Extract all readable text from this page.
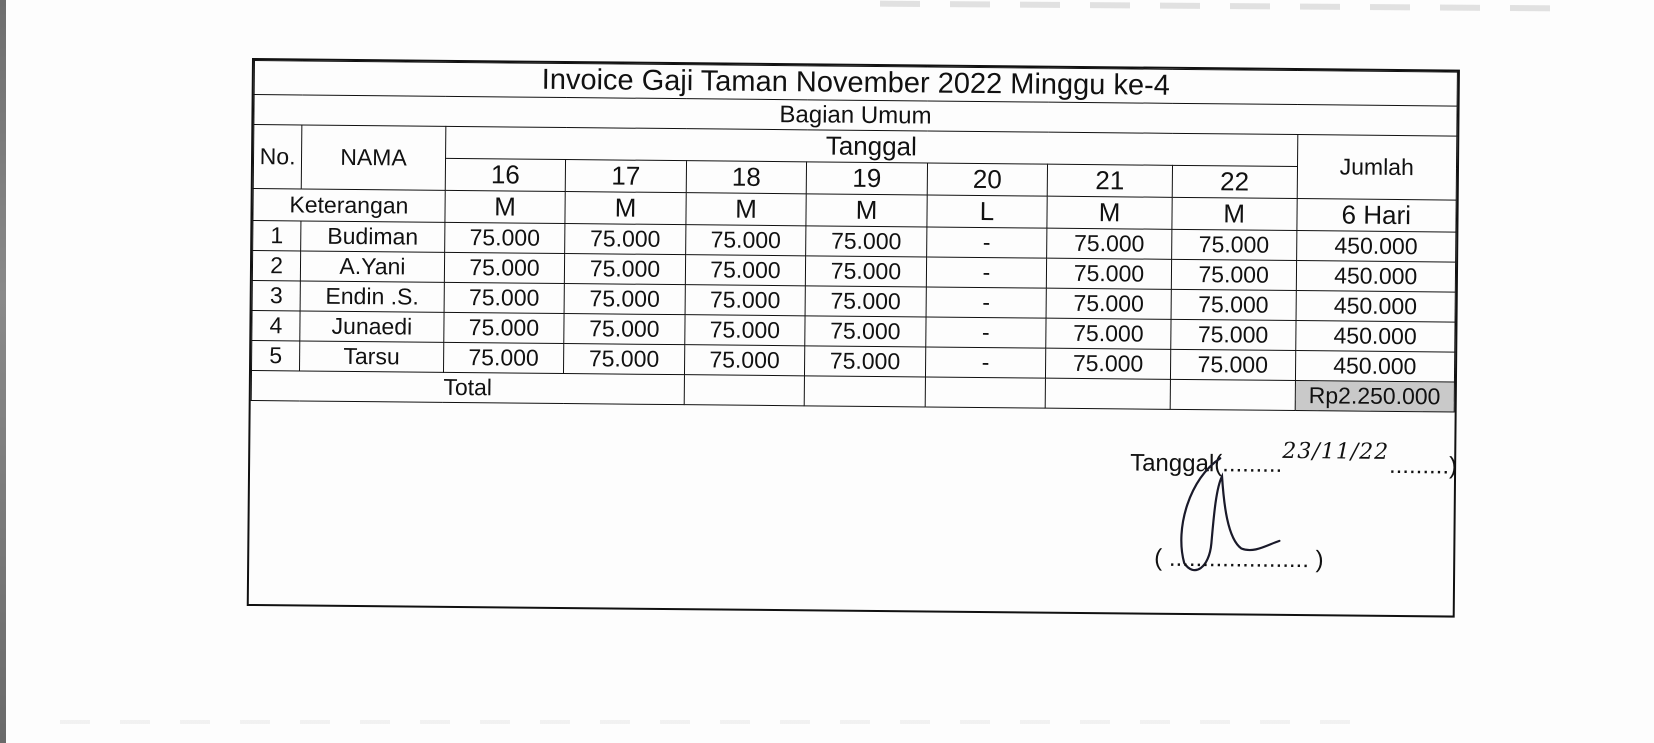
Invoice Gaji Taman November 2022 Minggu ke-4									
Bagian Umum									
No.	NAMA	Tanggal							Jumlah
		16	17	18	19	20	21	22	
Keterangan		M	M	M	M	L	M	M	6 Hari
1	Budiman	75.000	75.000	75.000	75.000	-	75.000	75.000	450.000
2	A.Yani	75.000	75.000	75.000	75.000	-	75.000	75.000	450.000
3	Endin .S.	75.000	75.000	75.000	75.000	-	75.000	75.000	450.000
4	Junaedi	75.000	75.000	75.000	75.000	-	75.000	75.000	450.000
5	Tarsu	75.000	75.000	75.000	75.000	-	75.000	75.000	450.000
Total									Rp2.250.000
Tanggal(.........23/11/22.........)
( ..................... )
